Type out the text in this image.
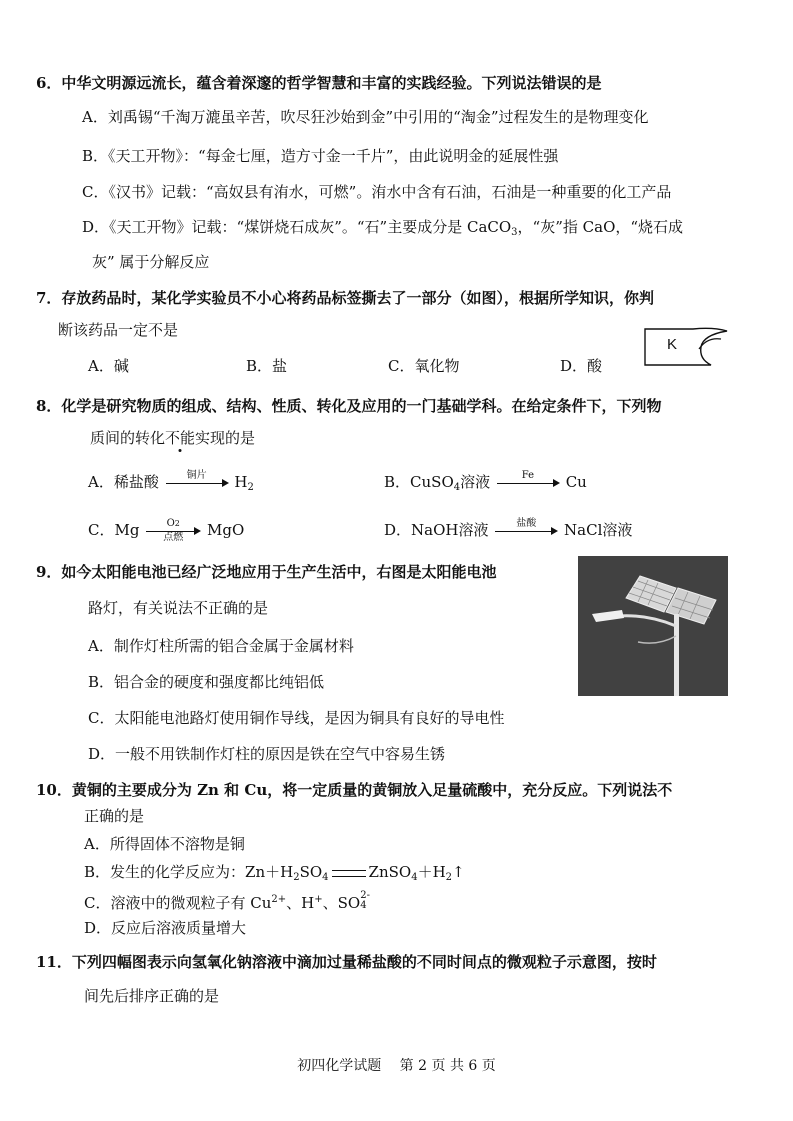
6．中华文明源远流长，蕴含着深邃的哲学智慧和丰富的实践经验。下列说法错误的是
A．刘禹锡“千淘万漉虽辛苦，吹尽狂沙始到金”中引用的“淘金”过程发生的是物理变化
B．《天工开物》：“每金七厘，造方寸金一千片”，由此说明金的延展性强
C．《汉书》记载：“高奴县有洧水，可燃”。洧水中含有石油，石油是一种重要的化工产品
D．《天工开物》记载：“煤饼烧石成灰”。“石”主要成分是 CaCO$_3$，“灰”指 CaO，“烧石成
灰” 属于分解反应
7．存放药品时，某化学实验员不小心将药品标签撕去了一部分（如图），根据所学知识，你判
断该药品一定不是
A．碱	B．盐	C．氧化物	D．酸
K
8．化学是研究物质的组成、结构、性质、转化及应用的一门基础学科。在给定条件下，下列物
质间的转化不能实现的是
A．稀盐酸	铜片	$H_2$	B．CuSO$_4$溶液	Fe	Cu
C．Mg	O2
点燃	MgO	D．NaOH溶液	盐酸	NaCl溶液
9．如今太阳能电池已经广泛地应用于生产生活中，右图是太阳能电池
路灯，有关说法不正确的是
A．制作灯柱所需的铝合金属于金属材料
B．铝合金的硬度和强度都比纯铝低
C．太阳能电池路灯使用铜作导线，是因为铜具有良好的导电性
D．一般不用铁制作灯柱的原因是铁在空气中容易生锈
10．黄铜的主要成分为 Zn 和 Cu，将一定质量的黄铜放入足量硫酸中，充分反应。下列说法不
正确的是
A．所得固体不溶物是铜
B．发生的化学反应为：$Zn+H_2SO_4$	$ZnSO_4+H_2↑$
C．溶液中的微观粒子有 $Cu^{2+}$、H+、SO 2-
4
D．反应后溶液质量增大
11．下列四幅图表示向氢氧化钠溶液中滴加过量稀盐酸的不同时间点的微观粒子示意图，按时
间先后排序正确的是
初四化学试题　 第 2 页 共 6 页
